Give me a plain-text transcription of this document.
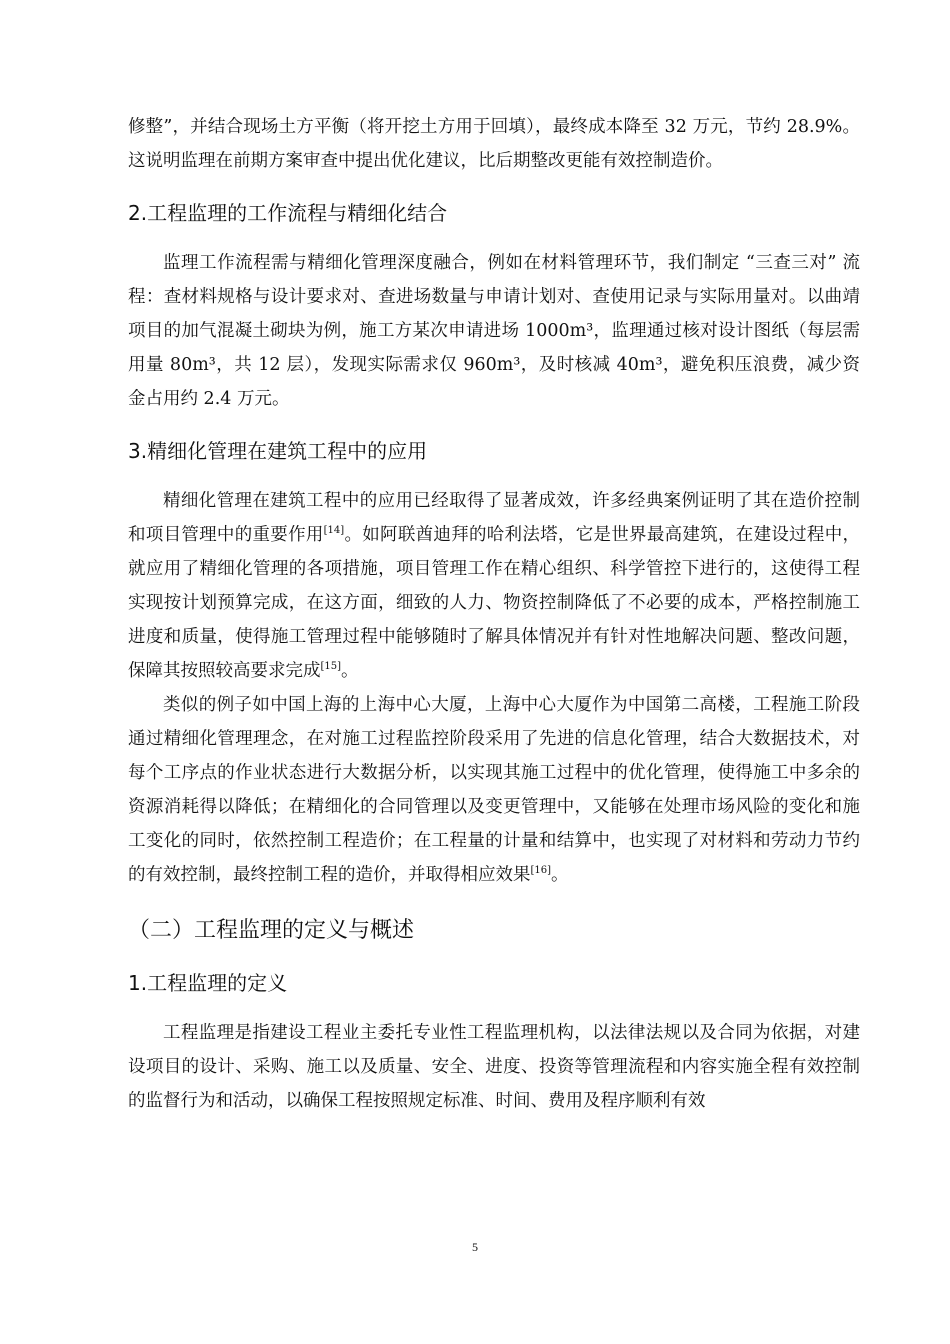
修整”，并结合现场土方平衡（将开挖土方用于回填），最终成本降至 32 万元，节约 28.9%。这说明监理在前期方案审查中提出优化建议，比后期整改更能有效控制造价。

2.工程监理的工作流程与精细化结合

监理工作流程需与精细化管理深度融合，例如在材料管理环节，我们制定 “三查三对” 流程：查材料规格与设计要求对、查进场数量与申请计划对、查使用记录与实际用量对。以曲靖项目的加气混凝土砌块为例，施工方某次申请进场 1000m³，监理通过核对设计图纸（每层需用量 80m³，共 12 层），发现实际需求仅 960m³，及时核减 40m³，避免积压浪费，减少资金占用约 2.4 万元。

3.精细化管理在建筑工程中的应用

精细化管理在建筑工程中的应用已经取得了显著成效，许多经典案例证明了其在造价控制和项目管理中的重要作用[14]。如阿联酋迪拜的哈利法塔，它是世界最高建筑，在建设过程中，就应用了精细化管理的各项措施，项目管理工作在精心组织、科学管控下进行的，这使得工程实现按计划预算完成，在这方面，细致的人力、物资控制降低了不必要的成本，严格控制施工进度和质量，使得施工管理过程中能够随时了解具体情况并有针对性地解决问题、整改问题，保障其按照较高要求完成[15]。

类似的例子如中国上海的上海中心大厦，上海中心大厦作为中国第二高楼，工程施工阶段通过精细化管理理念，在对施工过程监控阶段采用了先进的信息化管理，结合大数据技术，对每个工序点的作业状态进行大数据分析，以实现其施工过程中的优化管理，使得施工中多余的资源消耗得以降低；在精细化的合同管理以及变更管理中，又能够在处理市场风险的变化和施工变化的同时，依然控制工程造价；在工程量的计量和结算中，也实现了对材料和劳动力节约的有效控制，最终控制工程的造价，并取得相应效果[16]。

（二）工程监理的定义与概述
1.工程监理的定义

工程监理是指建设工程业主委托专业性工程监理机构，以法律法规以及合同为依据，对建设项目的设计、采购、施工以及质量、安全、进度、投资等管理流程和内容实施全程有效控制的监督行为和活动，以确保工程按照规定标准、时间、费用及程序顺利有效

5
